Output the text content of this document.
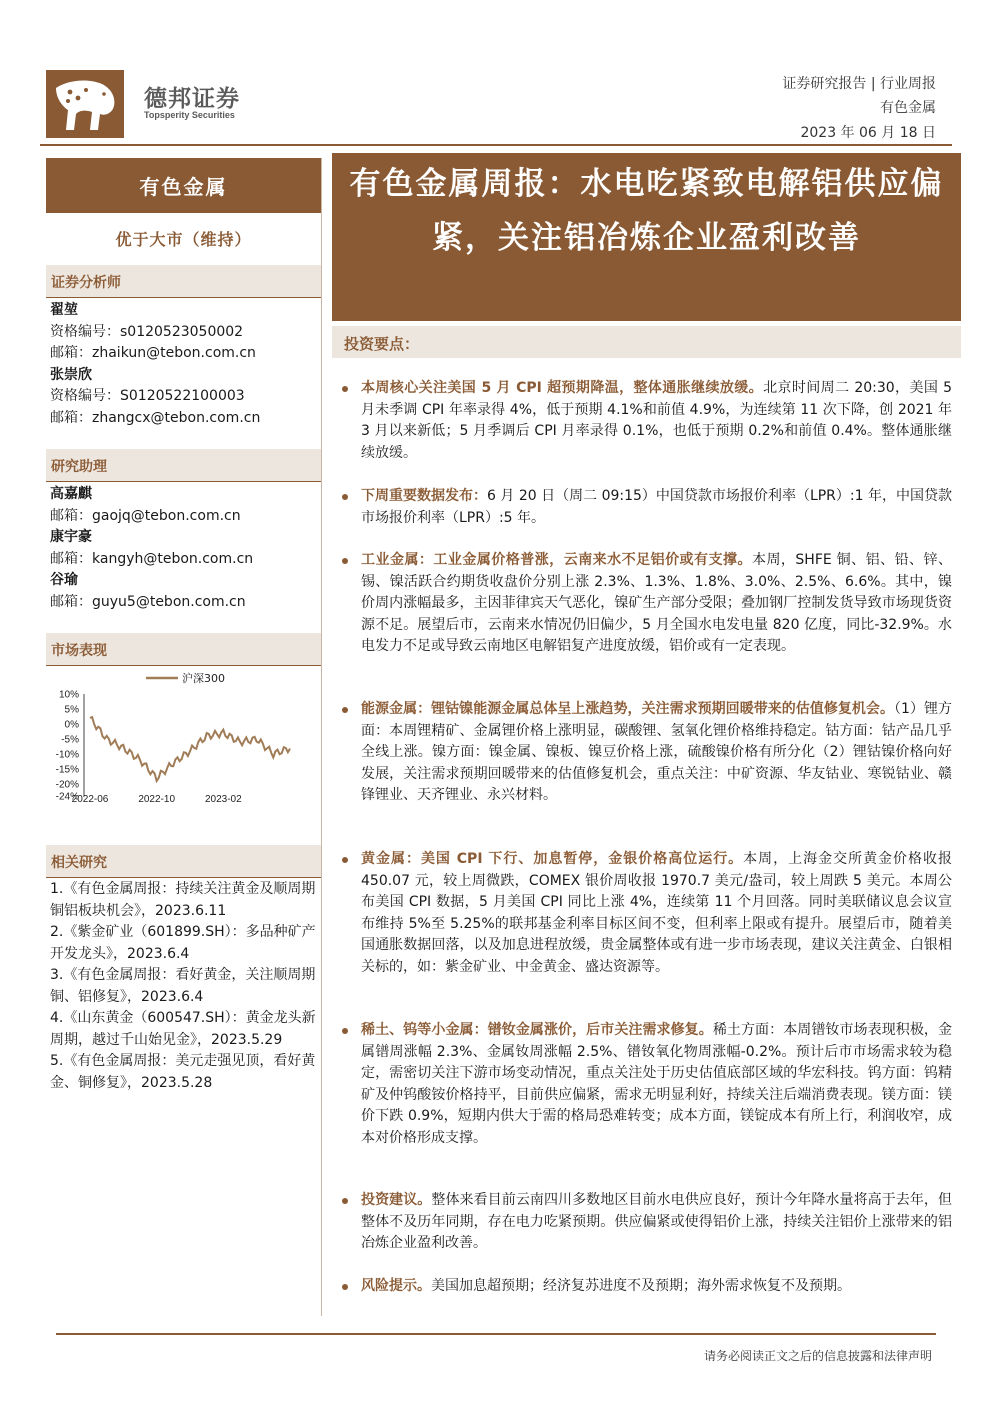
德邦证券
Topsperity Securities
证券研究报告 | 行业周报
有色金属
2023 年 06 月 18 日
有色金属
优于大市（维持）
证券分析师
翟堃
资格编号：s0120523050002
邮箱：zhaikun@tebon.com.cn
张崇欣
资格编号：S0120522100003
邮箱：zhangcx@tebon.com.cn
研究助理
高嘉麒
邮箱：gaojq@tebon.com.cn
康宇豪
邮箱：kangyh@tebon.com.cn
谷瑜
邮箱：guyu5@tebon.com.cn
市场表现
10%
5%
0%
-5%
-10%
-15%
-20%
-24%
2022-06	2022-10	2023-02
沪深300
相关研究
1.《有色金属周报：持续关注黄金及顺周期铜铝板块机会》，2023.6.11
2.《紫金矿业（601899.SH）：多品种矿产开发龙头》，2023.6.4
3.《有色金属周报：看好黄金，关注顺周期铜、铝修复》，2023.6.4
4.《山东黄金（600547.SH）：黄金龙头新周期，越过千山始见金》，2023.5.29
5.《有色金属周报：美元走强见顶，看好黄金、铜修复》，2023.5.28
有色金属周报：水电吃紧致电解铝供应偏紧，关注铝冶炼企业盈利改善
投资要点：
本周核心关注美国 5 月 CPI 超预期降温，整体通胀继续放缓。北京时间周二 20:30，美国 5 月未季调 CPI 年率录得 4%，低于预期 4.1%和前值 4.9%，为连续第 11 次下降，创 2021 年 3 月以来新低；5 月季调后 CPI 月率录得 0.1%，也低于预期 0.2%和前值 0.4%。整体通胀继续放缓。
下周重要数据发布：6 月 20 日（周二 09:15）中国贷款市场报价利率（LPR）:1 年，中国贷款市场报价利率（LPR）:5 年。
工业金属：工业金属价格普涨，云南来水不足铝价或有支撑。本周，SHFE 铜、铝、铅、锌、锡、镍活跃合约期货收盘价分别上涨 2.3%、1.3%、1.8%、3.0%、2.5%、6.6%。其中，镍价周内涨幅最多，主因菲律宾天气恶化，镍矿生产部分受限；叠加钢厂控制发货导致市场现货资源不足。展望后市，云南来水情况仍旧偏少，5 月全国水电发电量 820 亿度，同比-32.9%。水电发力不足或导致云南地区电解铝复产进度放缓，铝价或有一定表现。
能源金属：锂钴镍能源金属总体呈上涨趋势，关注需求预期回暖带来的估值修复机会。（1）锂方面：本周锂精矿、金属锂价格上涨明显，碳酸锂、氢氧化锂价格维持稳定。钴方面：钴产品几乎全线上涨。镍方面：镍金属、镍板、镍豆价格上涨，硫酸镍价格有所分化（2）锂钴镍价格向好发展，关注需求预期回暖带来的估值修复机会，重点关注：中矿资源、华友钴业、寒锐钴业、赣锋锂业、天齐锂业、永兴材料。
黄金属：美国 CPI 下行、加息暂停，金银价格高位运行。本周，上海金交所黄金价格收报 450.07 元，较上周微跌，COMEX 银价周收报 1970.7 美元/盎司，较上周跌 5 美元。本周公布美国 CPI 数据，5 月美国 CPI 同比上涨 4%，连续第 11 个月回落。同时美联储议息会议宣布维持 5%至 5.25%的联邦基金利率目标区间不变，但利率上限或有提升。展望后市，随着美国通胀数据回落，以及加息进程放缓，贵金属整体或有进一步市场表现，建议关注黄金、白银相关标的，如：紫金矿业、中金黄金、盛达资源等。
稀土、钨等小金属：镨钕金属涨价，后市关注需求修复。稀土方面：本周镨钕市场表现积极，金属镨周涨幅 2.3%、金属钕周涨幅 2.5%、镨钕氧化物周涨幅-0.2%。预计后市市场需求较为稳定，需密切关注下游市场变动情况，重点关注处于历史估值底部区域的华宏科技。钨方面：钨精矿及仲钨酸铵价格持平，目前供应偏紧，需求无明显利好，持续关注后端消费表现。镁方面：镁价下跌 0.9%，短期内供大于需的格局恐难转变；成本方面，镁锭成本有所上行，利润收窄，成本对价格形成支撑。
投资建议。整体来看目前云南四川多数地区目前水电供应良好，预计今年降水量将高于去年，但整体不及历年同期，存在电力吃紧预期。供应偏紧或使得铝价上涨，持续关注铝价上涨带来的铝冶炼企业盈利改善。
风险提示。美国加息超预期；经济复苏进度不及预期；海外需求恢复不及预期。
请务必阅读正文之后的信息披露和法律声明
